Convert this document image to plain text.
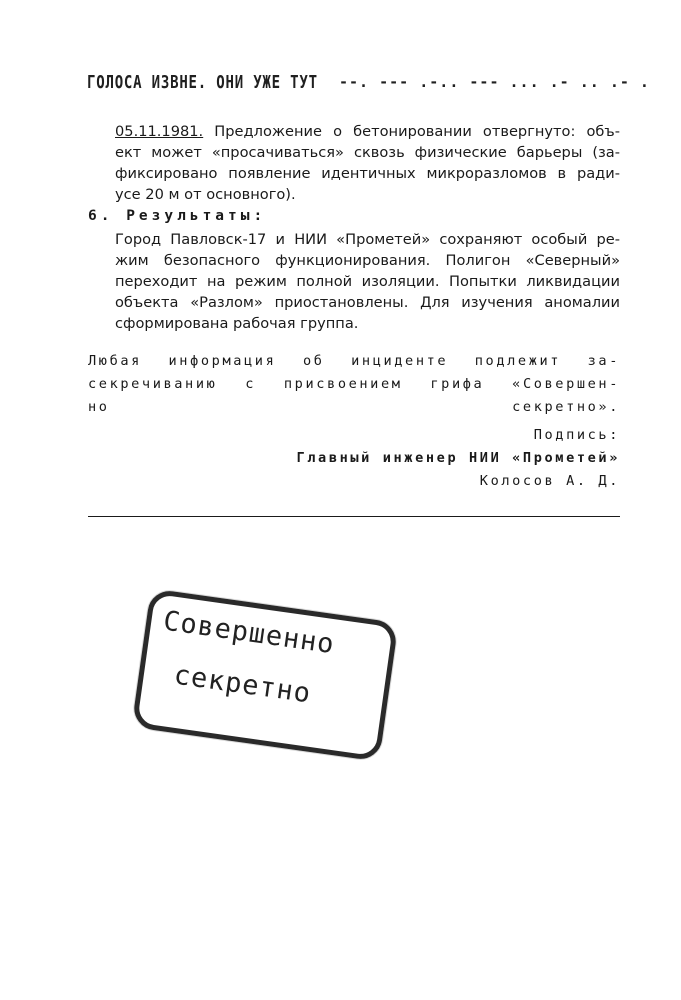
ГОЛОСА ИЗВНЕ. ОНИ УЖЕ ТУТ --. --- .-.. --- ... .- .. .- .
05.11.1981. Предложение о бетонировании отвергнуто: объ-
ект может «просачиваться» сквозь физические барьеры (за-
фиксировано появление идентичных микроразломов в ради-
усе 20 м от основного).
6. Результаты:
Город Павловск-17 и НИИ «Прометей» сохраняют особый ре-
жим безопасного функционирования. Полигон «Северный»
переходит на режим полной изоляции. Попытки ликвидации
объекта «Разлом» приостановлены. Для изучения аномалии
сформирована рабочая группа.
Любая информация об инциденте подлежит за-
секречиванию с присвоением грифа «Совершен-
но секретно».
Подпись:
Главный инженер НИИ «Прометей»
Колосов А. Д.
Совершенно
секретно
